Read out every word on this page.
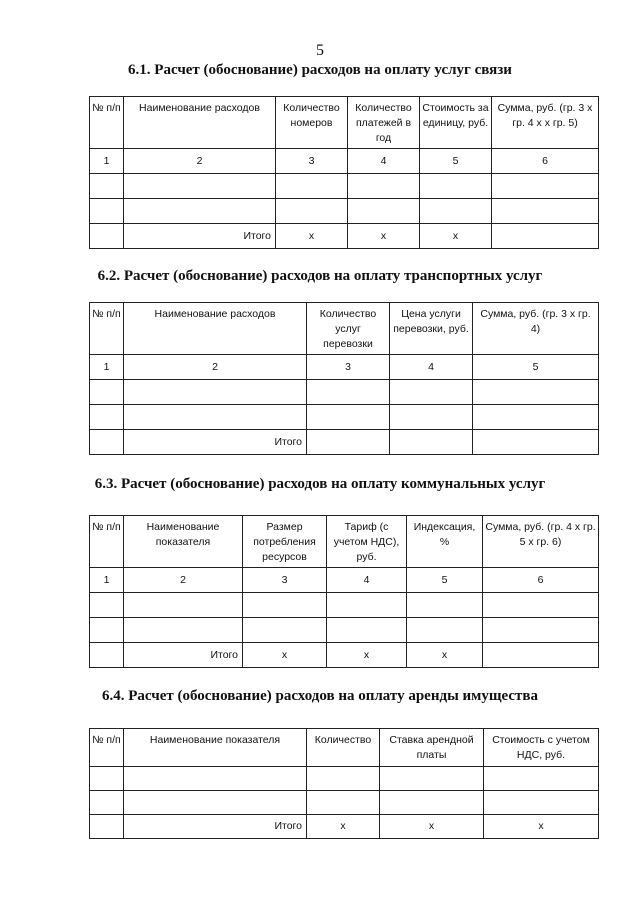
5
6.1. Расчет (обоснование) расходов на оплату услуг связи
№ п/п	Наименование расходов	Количество номеров	Количество платежей в год	Стоимость за единицу, руб.	Сумма, руб. (гр. 3 х гр. 4 х х гр. 5)
1	2	3	4	5	6

	Итого	х	х	х	
6.2. Расчет (обоснование) расходов на оплату транспортных услуг
№ п/п	Наименование расходов	Количество услуг перевозки	Цена услуги перевозки, руб.	Сумма, руб. (гр. 3 х гр. 4)
1	2	3	4	5

	Итого			
6.3. Расчет (обоснование) расходов на оплату коммунальных услуг
№ п/п	Наименование показателя	Размер потребления ресурсов	Тариф (с учетом НДС), руб.	Индексация, %	Сумма, руб. (гр. 4 х гр. 5 х гр. 6)
1	2	3	4	5	6

	Итого	х	х	х	
6.4. Расчет (обоснование) расходов на оплату аренды имущества
№ п/п	Наименование показателя	Количество	Ставка арендной платы	Стоимость с учетом НДС, руб.

	Итого	х	х	х
